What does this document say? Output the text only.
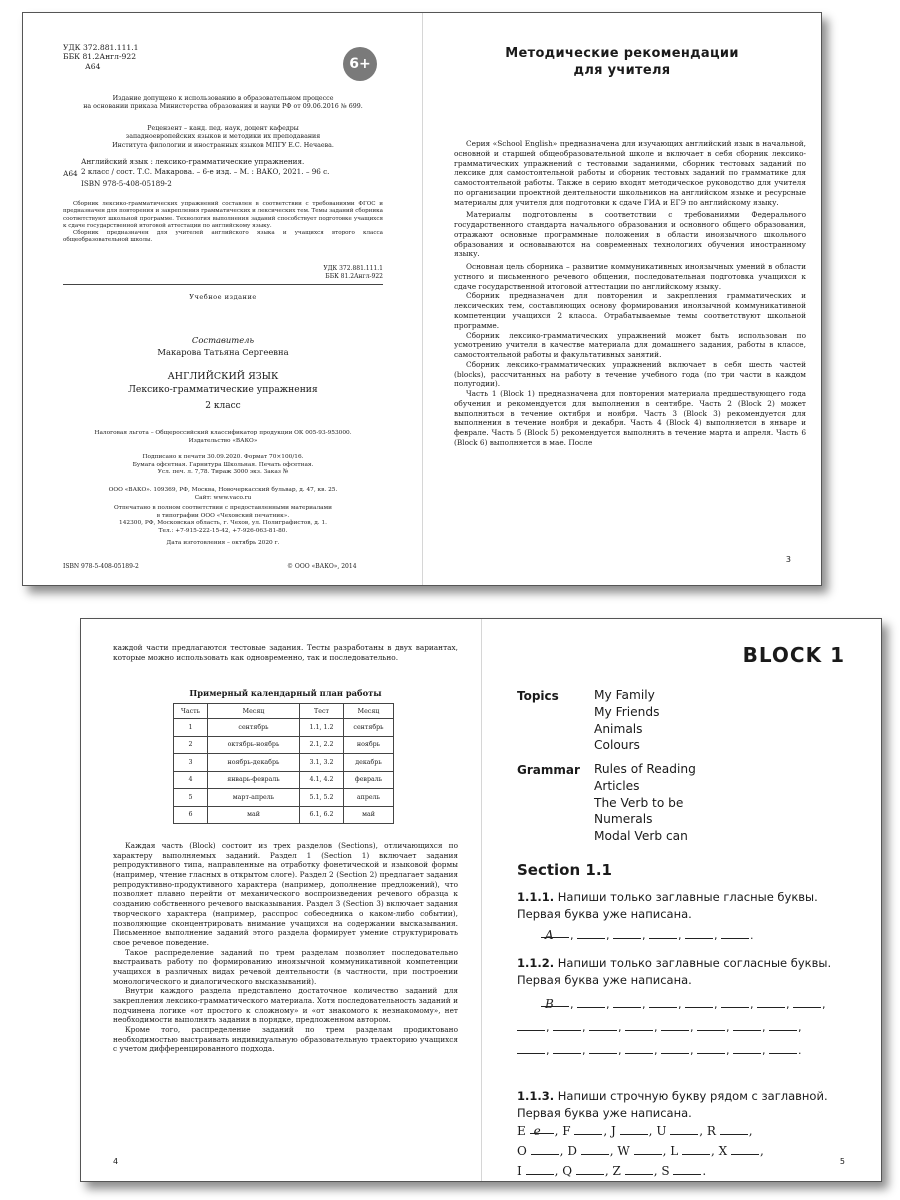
УДК 372.881.111.1
ББК 81.2Англ-922
А64	6+
Издание допущено к использованию в образовательном процессе
на основании приказа Министерства образования и науки РФ от 09.06.2016 № 699.
Рецензент – канд. пед. наук, доцент кафедры
западноевропейских языков и методики их преподавания
Института филологии и иностранных языков МПГУ Е.С. Нечаева.
А64
Английский язык : лексико-грамматические упражнения.
2 класс / сост. Т.С. Макарова. – 6-е изд. – М. : ВАКО, 2021. – 96 с.
ISBN 978-5-408-05189-2
Сборник лексико-грамматических упражнений составлен в соответствии с требованиями ФГОС и предназначен для повторения и закрепления грамматических и лексических тем. Темы заданий сборника соответствуют школьной программе. Технология выполнения заданий способствует подготовке учащихся к сдаче государственной итоговой аттестации по английскому языку.
Сборник предназначен для учителей английского языка и учащихся второго класса общеобразовательной школы.
УДК 372.881.111.1
ББК 81.2Англ-922
Учебное издание
Составитель
Макарова Татьяна Сергеевна
АНГЛИЙСКИЙ ЯЗЫК
Лексико-грамматические упражнения
2 класс
Налоговая льгота – Общероссийский классификатор продукции ОК 005-93-953000.
Издательство «ВАКО»
Подписано к печати 30.09.2020. Формат 70×100/16.
Бумага офсетная. Гарнитура Школьная. Печать офсетная.
Усл. печ. л. 7,78. Тираж 3000 экз. Заказ №
ООО «ВАКО». 109369, РФ, Москва, Новочеркасский бульвар, д. 47, кв. 25.
Сайт: www.vaco.ru
Отпечатано в полном соответствии с предоставленными материалами
в типографии ООО «Чеховский печатник».
142300, РФ, Московская область, г. Чехов, ул. Полиграфистов, д. 1.
Тел.: +7-915-222-15-42, +7-926-063-81-80.
Дата изготовления – октябрь 2020 г.
ISBN 978-5-408-05189-2	© ООО «ВАКО», 2014
Методические рекомендации
для учителя

Серия «School English» предназначена для изучающих английский язык в начальной, основной и старшей общеобразовательной школе и включает в себя сборник лексико-грамматических упражнений с тестовыми заданиями, сборник тестовых заданий по лексике для самостоятельной работы и сборник тестовых заданий по грамматике для самостоятельной работы. Также в серию входят методическое руководство для учителя по организации проектной деятельности школьников на английском языке и ресурсные материалы для учителя для подготовки к сдаче ГИА и ЕГЭ по английскому языку.

Материалы подготовлены в соответствии с требованиями Федерального государственного стандарта начального образования и основного общего образования, отражают основные программные положения в области иноязычного школьного образования и основываются на современных технологиях обучения иностранному языку.

Основная цель сборника – развитие коммуникативных иноязычных умений в области устного и письменного речевого общения, последовательная подготовка учащихся к сдаче государственной итоговой аттестации по английскому языку.

Сборник предназначен для повторения и закрепления грамматических и лексических тем, составляющих основу формирования иноязычной коммуникативной компетенции учащихся 2 класса. Отрабатываемые темы соответствуют школьной программе.

Сборник лексико-грамматических упражнений может быть использован по усмотрению учителя в качестве материала для домашнего задания, работы в классе, самостоятельной работы и факультативных занятий.

Сборник лексико-грамматических упражнений включает в себя шесть частей (blocks), рассчитанных на работу в течение учебного года (по три части в каждом полугодии).

Часть 1 (Block 1) предназначена для повторения материала предшествующего года обучения и рекомендуется для выполнения в сентябре. Часть 2 (Block 2) может выполняться в течение октября и ноября. Часть 3 (Block 3) рекомендуется для выполнения в течение ноября и декабря. Часть 4 (Block 4) выполняется в январе и феврале. Часть 5 (Block 5) рекомендуется выполнять в течение марта и апреля. Часть 6 (Block 6) выполняется в мае. После

3
каждой части предлагаются тестовые задания. Тесты разработаны в двух вариантах, которые можно использовать как одновременно, так и последовательно.
Примерный календарный план работы
Часть	Месяц	Тест	Месяц
1	сентябрь	1.1, 1.2	сентябрь
2	октябрь-ноябрь	2.1, 2.2	ноябрь
3	ноябрь-декабрь	3.1, 3.2	декабрь
4	январь-февраль	4.1, 4.2	февраль
5	март-апрель	5.1, 5.2	апрель
6	май	6.1, 6.2	май

Каждая часть (Block) состоит из трех разделов (Sections), отличающихся по характеру выполняемых заданий. Раздел 1 (Section 1) включает задания репродуктивного типа, направленные на отработку фонетической и языковой формы (например, чтение гласных в открытом слоге). Раздел 2 (Section 2) предлагает задания репродуктивно-продуктивного характера (например, дополнение предложений), что позволяет плавно перейти от механического воспроизведения речевого образца к созданию собственного речевого высказывания. Раздел 3 (Section 3) включает задания творческого характера (например, расспрос собеседника о каком-либо событии), позволяющие сконцентрировать внимание учащихся на содержании высказывания. Письменное выполнение заданий этого раздела формирует умение структурировать свое речевое поведение.

Такое распределение заданий по трем разделам позволяет последовательно выстраивать работу по формированию иноязычной коммуникативной компетенции учащихся в различных видах речевой деятельности (в частности, при построении монологического и диалогического высказываний).

Внутри каждого раздела представлено достаточное количество заданий для закрепления лексико-грамматического материала. Хотя последовательность заданий и подчинена логике «от простого к сложному» и «от знакомого к незнакомому», нет необходимости выполнять задания в порядке, предложенном автором.

Кроме того, распределение заданий по трем разделам продиктовано необходимостью выстраивать индивидуальную образовательную траекторию учащихся с учетом дифференцированного подхода.

4
BLOCK 1
Topics	My Family
My Friends
Animals
Colours
Grammar Rules of Reading
Articles
The Verb to be
Numerals
Modal Verb can
Section 1.1
1.1.1. Напиши только заглавные гласные буквы. Первая буква уже написана.
A ,	,	,	,	,	.
1.1.2. Напиши только заглавные согласные буквы. Первая буква уже написана.
B ,	,	,	,	,	,	,	,
,	,	,	,	,	,	,	,
,	,	,	,	,	,	,	.
1.1.3. Напиши строчную букву рядом с заглавной. Первая буква уже написана.
E e , F	, J	, U	, R	,
O	, D	, W	, L	, X	,
I	, Q	, Z	, S	.
5
